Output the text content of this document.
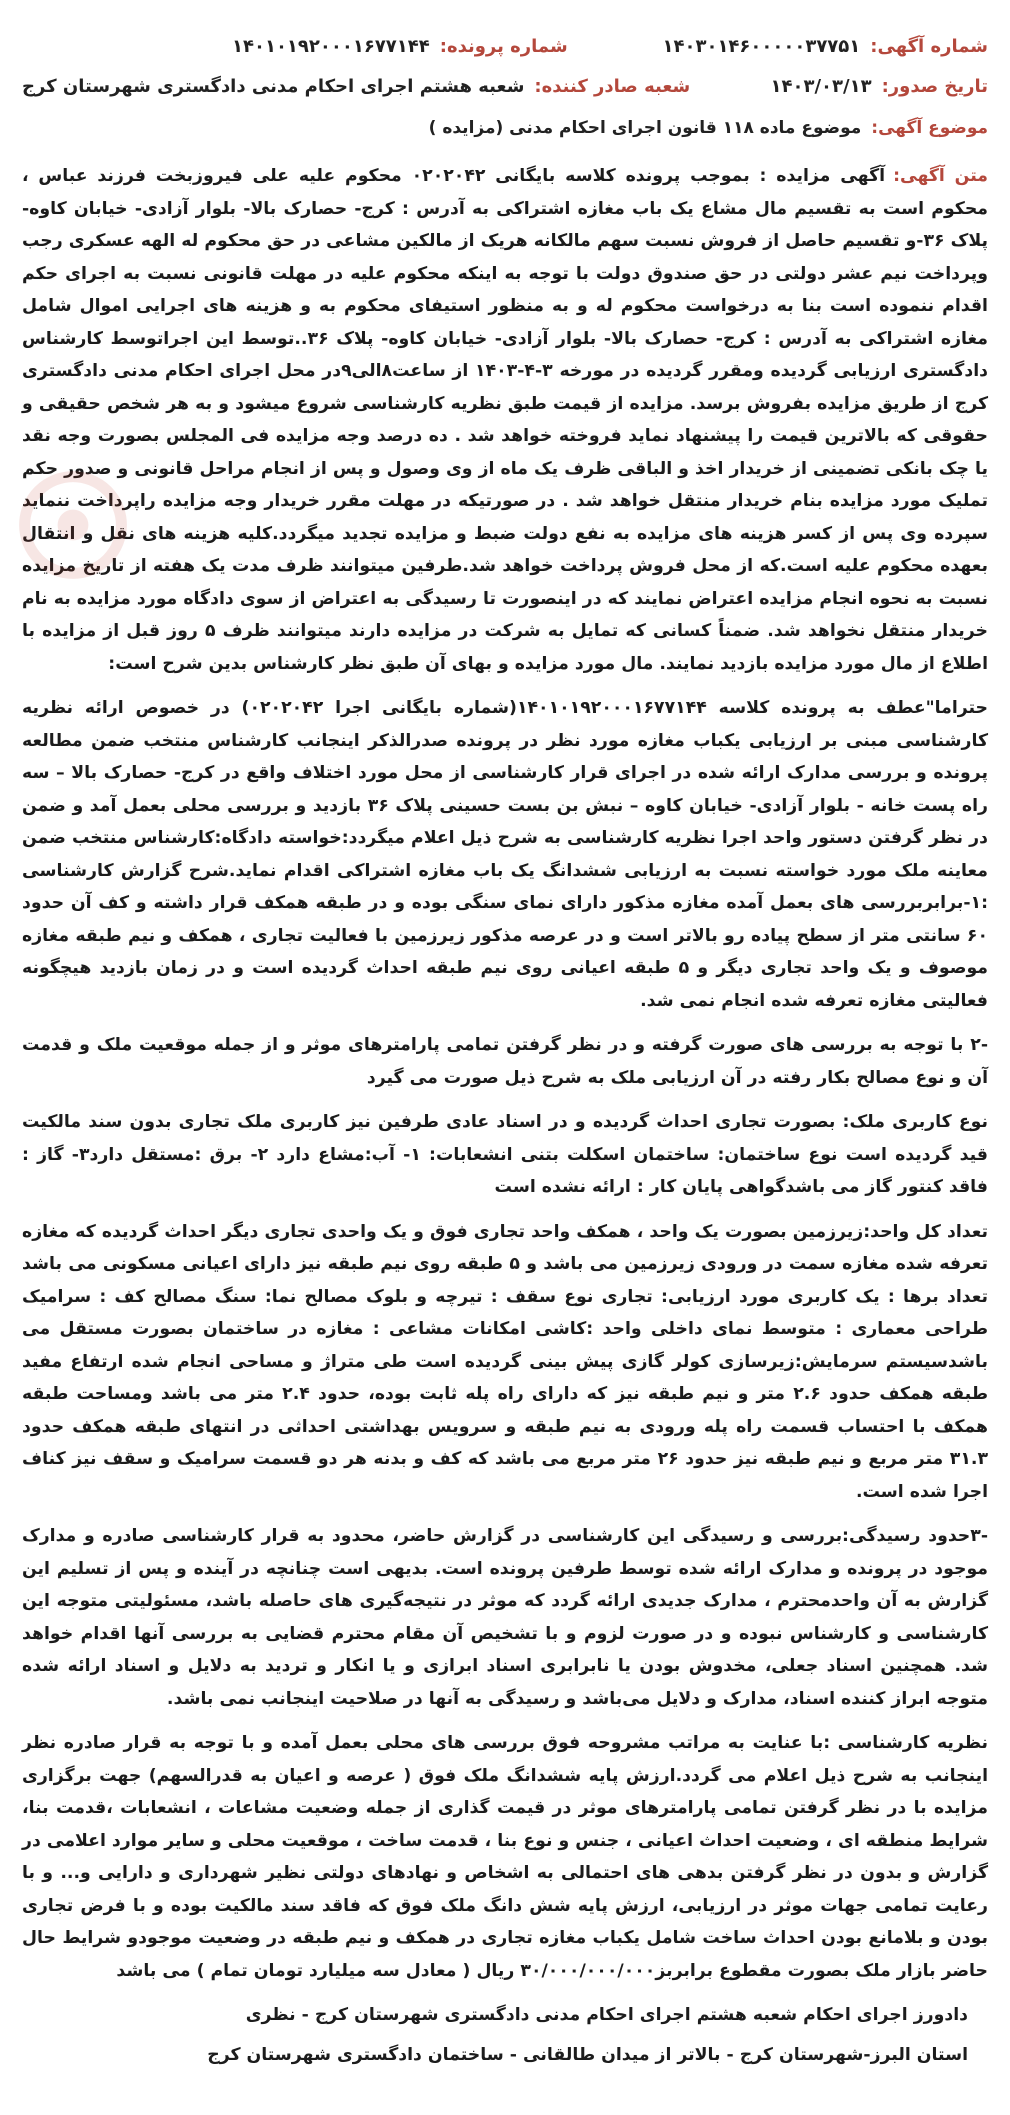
شماره آگهی:
۱۴۰۳۰۱۴۶۰۰۰۰۰۳۷۷۵۱
شماره پرونده:
۱۴۰۱۰۱۹۲۰۰۰۱۶۷۷۱۴۴
تاریخ صدور:
۱۴۰۳/۰۳/۱۳
شعبه صادر کننده:
شعبه هشتم اجرای احکام مدنی دادگستری شهرستان کرج
موضوع آگهی:
موضوع ماده ۱۱۸ قانون اجرای احکام مدنی (مزایده )

متن آگهی:آگهی مزایده : بموجب پرونده کلاسه بایگانی ۰۲۰۲۰۴۲ محکوم علیه علی فیروزبخت فرزند عباس ، محکوم است به تقسیم مال مشاع یک باب مغازه اشتراکی به آدرس : کرج- حصارک بالا- بلوار آزادی- خیابان کاوه- پلاک ۳۶-و تقسیم حاصل از فروش نسبت سهم مالکانه هریک از مالکین مشاعی در حق محکوم له الهه عسکری رجب وپرداخت نیم عشر دولتی در حق صندوق دولت با توجه به اینکه محکوم علیه در مهلت قانونی نسبت به اجرای حکم اقدام ننموده است بنا به درخواست محکوم له و به منظور استیفای محکوم به و هزینه های اجرایی اموال شامل مغازه اشتراکی به آدرس : کرج- حصارک بالا- بلوار آزادی- خیابان کاوه- پلاک ۳۶..توسط این اجراتوسط کارشناس دادگستری ارزیابی گردیده ومقرر گردیده در مورخه ۳-۴-۱۴۰۳ از ساعت۸الی۹در محل اجرای احکام مدنی دادگستری کرج از طریق مزایده بفروش برسد. مزایده از قیمت طبق نظریه کارشناسی شروع میشود و به هر شخص حقیقی و حقوقی که بالاترین قیمت را پیشنهاد نماید فروخته خواهد شد . ده درصد وجه مزایده فی المجلس بصورت وجه نقد یا چک بانکی تضمینی از خریدار اخذ و الباقی ظرف یک ماه از وی وصول و پس از انجام مراحل قانونی و صدور حکم تملیک مورد مزایده بنام خریدار منتقل خواهد شد . در صورتیکه در مهلت مقرر خریدار وجه مزایده راپرداخت ننماید سپرده وی پس از کسر هزینه های مزایده به نفع دولت ضبط و مزایده تجدید میگردد.کلیه هزینه های نقل و انتقال بعهده محکوم علیه است.که از محل فروش پرداخت خواهد شد.طرفین میتوانند ظرف مدت یک هفته از تاریخ مزایده نسبت به نحوه انجام مزایده اعتراض نمایند که در اینصورت تا رسیدگی به اعتراض از سوی دادگاه مورد مزایده به نام خریدار منتقل نخواهد شد. ضمناً کسانی که تمایل به شرکت در مزایده دارند میتوانند ظرف ۵ روز قبل از مزایده با اطلاع از مال مورد مزایده بازدید نمایند. مال مورد مزایده و بهای آن طبق نظر کارشناس بدین شرح است:

حتراما"عطف به پرونده کلاسه ۱۴۰۱۰۱۹۲۰۰۰۱۶۷۷۱۴۴(شماره بایگانی اجرا ۰۲۰۲۰۴۲) در خصوص ارائه نظریه کارشناسی مبنی بر ارزیابی یکباب مغازه مورد نظر در پرونده صدرالذکر اینجانب کارشناس منتخب ضمن مطالعه پرونده و بررسی مدارک ارائه شده در اجرای قرار کارشناسی از محل مورد اختلاف واقع در کرج- حصارک بالا – سه راه پست خانه - بلوار آزادی- خیابان کاوه – نبش بن بست حسینی پلاک ۳۶ بازدید و بررسی محلی بعمل آمد و ضمن در نظر گرفتن دستور واحد اجرا نظریه کارشناسی به شرح ذیل اعلام میگردد:خواسته دادگاه:کارشناس منتخب ضمن معاینه ملک مورد خواسته نسبت به ارزیابی ششدانگ یک باب مغازه اشتراکی اقدام نماید.شرح گزارش کارشناسی :۱-برابربررسی های بعمل آمده مغازه مذکور دارای نمای سنگی بوده و در طبقه همکف قرار داشته و کف آن حدود ۶۰ سانتی متر از سطح پیاده رو بالاتر است و در عرصه مذکور زیرزمین با فعالیت تجاری ، همکف و نیم طبقه مغازه موصوف و یک واحد تجاری دیگر و ۵ طبقه اعیانی روی نیم طبقه احداث گردیده است و در زمان بازدید هیچگونه فعالیتی مغازه تعرفه شده انجام نمی شد.

-۲ با توجه به بررسی های صورت گرفته و در نظر گرفتن تمامی پارامترهای موثر و از جمله موقعیت ملک و قدمت آن و نوع مصالح بکار رفته در آن ارزیابی ملک به شرح ذیل صورت می گیرد

نوع کاربری ملک: بصورت تجاری احداث گردیده و در اسناد عادی طرفین نیز کاربری ملک تجاری بدون سند مالکیت قید گردیده است نوع ساختمان: ساختمان اسکلت بتنی انشعابات: ۱- آب:مشاع دارد ۲- برق :مستقل دارد۳- گاز : فاقد کنتور گاز می باشدگواهی پایان کار : ارائه نشده است

تعداد کل واحد:زیرزمین بصورت یک واحد ، همکف واحد تجاری فوق و یک واحدی تجاری دیگر احداث گردیده که مغازه تعرفه شده مغازه سمت در ورودی زیرزمین می باشد و ۵ طبقه روی نیم طبقه نیز دارای اعیانی مسکونی می باشد تعداد برها : یک کاربری مورد ارزیابی: تجاری نوع سقف : تیرچه و بلوک مصالح نما: سنگ مصالح کف : سرامیک طراحی معماری : متوسط نمای داخلی واحد :کاشی امکانات مشاعی : مغازه در ساختمان بصورت مستقل می باشدسیستم سرمایش:زیرسازی کولر گازی پیش بینی گردیده است طی متراژ و مساحی انجام شده ارتفاع مفید طبقه همکف حدود ۲.۶ متر و نیم طبقه نیز که دارای راه پله ثابت بوده، حدود ۲.۴ متر می باشد ومساحت طبقه همکف با احتساب قسمت راه پله ورودی به نیم طبقه و سرویس بهداشتی احداثی در انتهای طبقه همکف حدود ۳۱.۳ متر مربع و نیم طبقه نیز حدود ۲۶ متر مربع می باشد که کف و بدنه هر دو قسمت سرامیک و سقف نیز کناف اجرا شده است.

-۳حدود رسیدگی:بررسی و رسیدگی این کارشناسی در گزارش حاضر، محدود به قرار کارشناسی صادره و مدارک موجود در پرونده و مدارک ارائه شده توسط طرفین پرونده است. بدیهی است چنانچه در آینده و پس از تسلیم این گزارش به آن واحدمحترم ، مدارک جدیدی ارائه گردد که موثر در نتیجه‌گیری های حاصله باشد، مسئولیتی متوجه این کارشناسی و کارشناس نبوده و در صورت لزوم و با تشخیص آن مقام محترم قضایی به بررسی آنها اقدام خواهد شد. همچنین اسناد جعلی، مخدوش بودن یا نابرابری اسناد ابرازی و یا انکار و تردید به دلایل و اسناد ارائه شده متوجه ابراز کننده اسناد، مدارک و دلایل می‌باشد و رسیدگی به آنها در صلاحیت اینجانب نمی باشد.

نظریه کارشناسی :با عنایت به مراتب مشروحه فوق بررسی های محلی بعمل آمده و با توجه به قرار صادره نظر اینجانب به شرح ذیل اعلام می گردد.ارزش پایه ششدانگ ملک فوق ( عرصه و اعیان به قدرالسهم) جهت برگزاری مزایده با در نظر گرفتن تمامی پارامترهای موثر در قیمت گذاری از جمله وضعیت مشاعات ، انشعابات ،قدمت بنا، شرایط منطقه ای ، وضعیت احداث اعیانی ، جنس و نوع بنا ، قدمت ساخت ، موقعیت محلی و سایر موارد اعلامی در گزارش و بدون در نظر گرفتن بدهی های احتمالی به اشخاص و نهادهای دولتی نظیر شهرداری و دارایی و... و با رعایت تمامی جهات موثر در ارزیابی، ارزش پایه شش دانگ ملک فوق که فاقد سند مالکیت بوده و با فرض تجاری بودن و بلامانع بودن احداث ساخت شامل یکباب مغازه تجاری در همکف و نیم طبقه در وضعیت موجودو شرایط حال حاضر بازار ملک بصورت مقطوع برابربز۳۰/۰۰۰/۰۰۰/۰۰۰ ریال ( معادل سه میلیارد تومان تمام ) می باشد

دادورز اجرای احکام شعبه هشتم اجرای احکام مدنی دادگستری شهرستان کرج - نظری
استان البرز-شهرستان کرج - بالاتر از میدان طالقانی - ساختمان دادگستری شهرستان کرج
